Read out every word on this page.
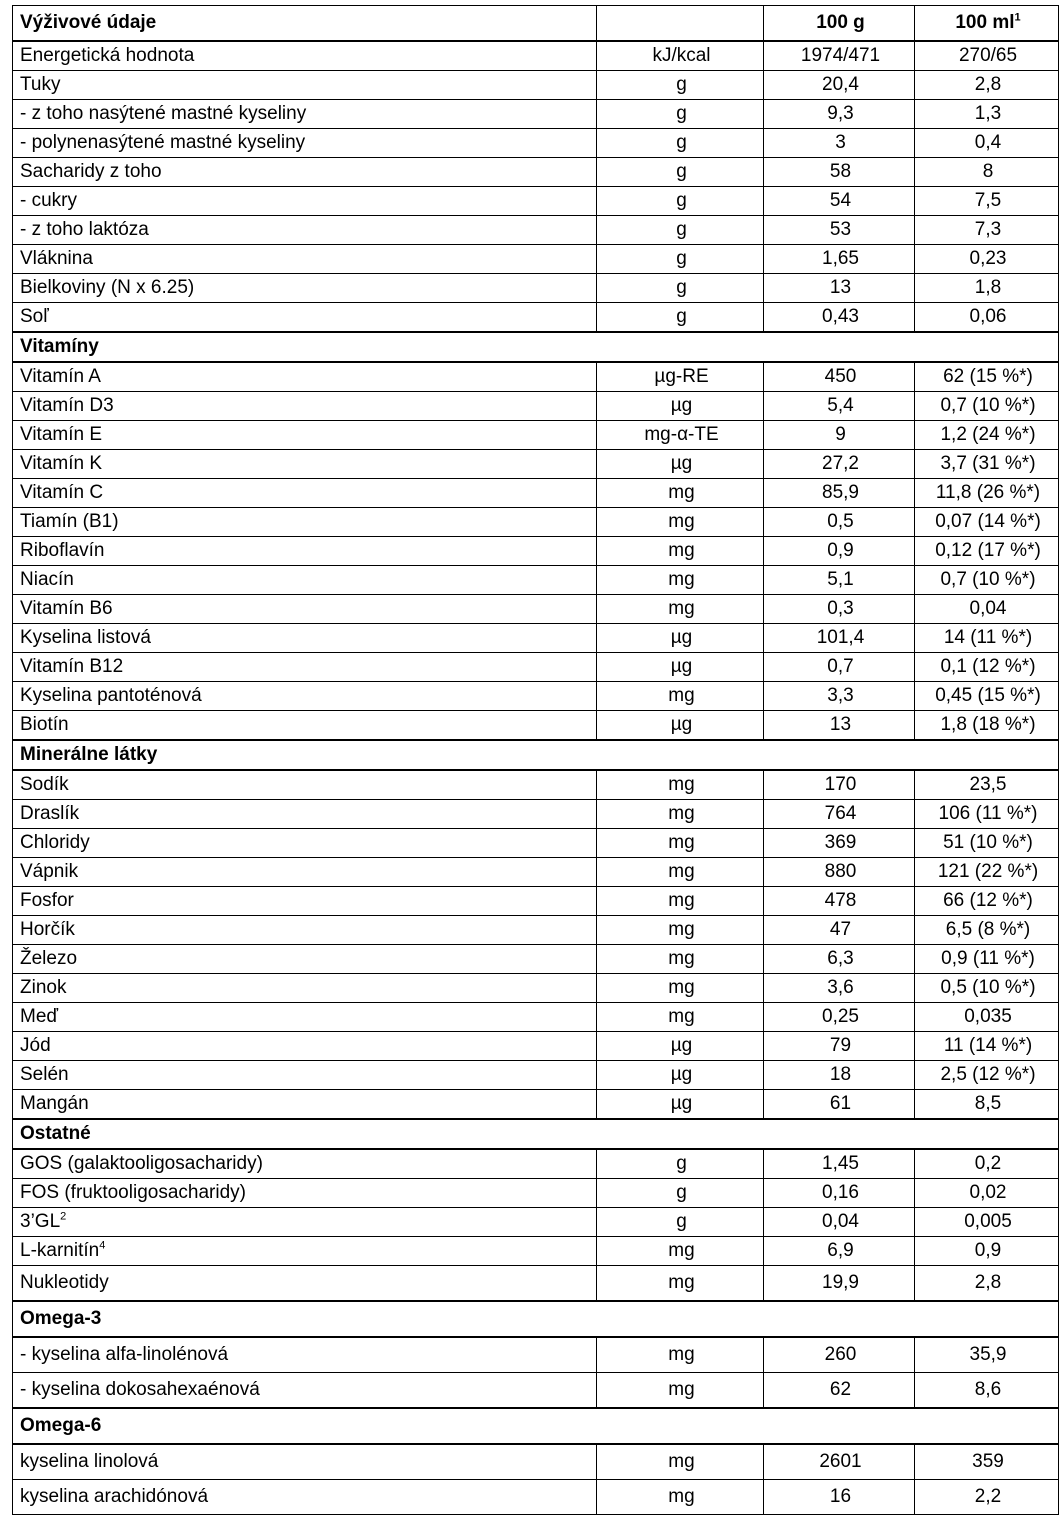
Výživové údaje		100 g	100 $ml^1$
Energetická hodnota	kJ/kcal	1974/471	270/65
Tuky	g	20,4	2,8
- z toho nasýtené mastné kyseliny	g	9,3	1,3
- polynenasýtené mastné kyseliny	g	3	0,4
Sacharidy z toho	g	58	8
- cukry	g	54	7,5
- z toho laktóza	g	53	7,3
Vláknina	g	1,65	0,23
Bielkoviny (N x 6.25)	g	13	1,8
Soľ	g	0,43	0,06
Vitamíny			
Vitamín A	µg-RE	450	62 (15 %*)
Vitamín D3	µg	5,4	0,7 (10 %*)
Vitamín E	mg-α-TE	9	1,2 (24 %*)
Vitamín K	µg	27,2	3,7 (31 %*)
Vitamín C	mg	85,9	11,8 (26 %*)
Tiamín (B1)	mg	0,5	0,07 (14 %*)
Riboflavín	mg	0,9	0,12 (17 %*)
Niacín	mg	5,1	0,7 (10 %*)
Vitamín B6	mg	0,3	0,04
Kyselina listová	µg	101,4	14 (11 %*)
Vitamín B12	µg	0,7	0,1 (12 %*)
Kyselina pantoténová	mg	3,3	0,45 (15 %*)
Biotín	µg	13	1,8 (18 %*)
Minerálne látky			
Sodík	mg	170	23,5
Draslík	mg	764	106 (11 %*)
Chloridy	mg	369	51 (10 %*)
Vápnik	mg	880	121 (22 %*)
Fosfor	mg	478	66 (12 %*)
Horčík	mg	47	6,5 (8 %*)
Železo	mg	6,3	0,9 (11 %*)
Zinok	mg	3,6	0,5 (10 %*)
Meď	mg	0,25	0,035
Jód	µg	79	11 (14 %*)
Selén	µg	18	2,5 (12 %*)
Mangán	µg	61	8,5
Ostatné			
GOS (galaktooligosacharidy)	g	1,45	0,2
FOS (fruktooligosacharidy)	g	0,16	0,02
$3’GL^2$	g	0,04	0,005
L-karnitín$^4$	mg	6,9	0,9
Nukleotidy	mg	19,9	2,8
Omega-3			
- kyselina alfa-linolénová	mg	260	35,9
- kyselina dokosahexaénová	mg	62	8,6
Omega-6			
kyselina linolová	mg	2601	359
kyselina arachidónová	mg	16	2,2
